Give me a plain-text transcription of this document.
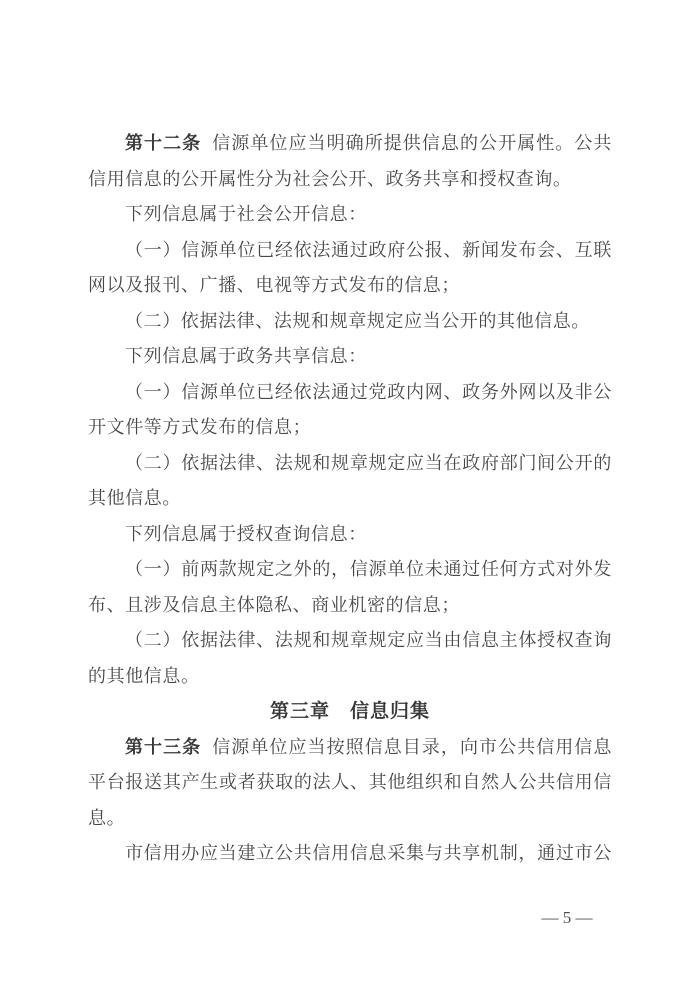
第十二条 信源单位应当明确所提供信息的公开属性。公共
信用信息的公开属性分为社会公开、政务共享和授权查询。
下列信息属于社会公开信息：
（一）信源单位已经依法通过政府公报、新闻发布会、互联
网以及报刊、广播、电视等方式发布的信息；
（二）依据法律、法规和规章规定应当公开的其他信息。
下列信息属于政务共享信息：
（一）信源单位已经依法通过党政内网、政务外网以及非公
开文件等方式发布的信息；
（二）依据法律、法规和规章规定应当在政府部门间公开的
其他信息。
下列信息属于授权查询信息：
（一）前两款规定之外的，信源单位未通过任何方式对外发
布、且涉及信息主体隐私、商业机密的信息；
（二）依据法律、法规和规章规定应当由信息主体授权查询
的其他信息。
第三章　信息归集
第十三条 信源单位应当按照信息目录，向市公共信用信息
平台报送其产生或者获取的法人、其他组织和自然人公共信用信
息。
市信用办应当建立公共信用信息采集与共享机制，通过市公
— 5 —
